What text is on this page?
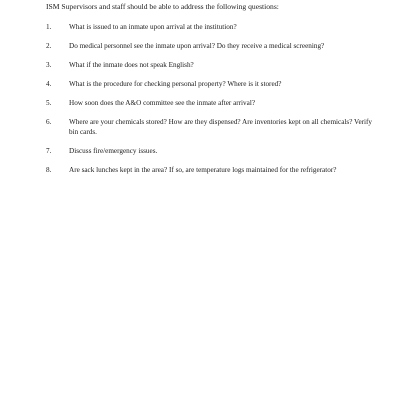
ISM Supervisors and staff should be able to address the following questions:
1.	What is issued to an inmate upon arrival at the institution?
2.	Do medical personnel see the inmate upon arrival? Do they receive a medical screening?
3.	What if the inmate does not speak English?
4.	What is the procedure for checking personal property? Where is it stored?
5.	How soon does the A&O committee see the inmate after arrival?
6.	Where are your chemicals stored? How are they dispensed? Are inventories kept on all chemicals? Verify bin cards.
7.	Discuss fire/emergency issues.
8.	Are sack lunches kept in the area? If so, are temperature logs maintained for the refrigerator?
